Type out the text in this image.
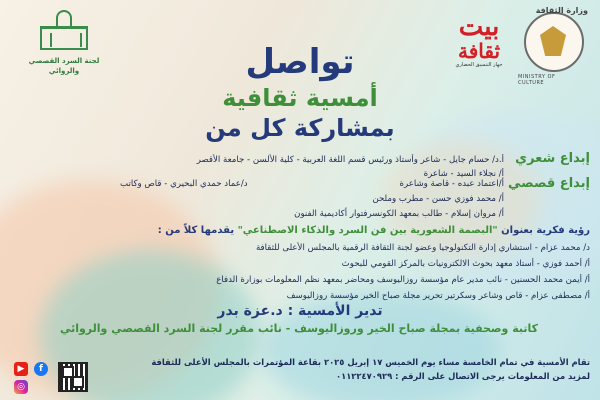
وزارة الثقافة
MINISTRY OF CULTURE
بيت
ثقافة
جهاز التنسيق الحضاري
لجنة السرد القصصي والروائي	تواصل
أمسية ثقافية
بمشاركة كل من
إبداع شعري
أ.د/ حسام جايل - شاعر وأستاذ ورئيس قسم اللغة العربية - كلية الألسن - جامعة الأقصر
أ/ نجلاء السيد - شاعرة
إبداع قصصي
أ/اعتماد عبده - قاصة وشاعرة
د/عماد حمدي البحيري - قاص وكاتب
أ/ محمد فوزي حسن - مطرب وملحن
أ/ مروان إسلام - طالب بمعهد الكونسرفتوار أكاديمية الفنون
رؤية فكرية بعنوان "البصمة الشعورية بين فن السرد والذكاء الاصطناعي" يقدمها كلاً من :
د/ محمد عزام - استشاري إدارة التكنولوجيا وعضو لجنة الثقافة الرقمية بالمجلس الأعلى للثقافة
أ/ أحمد فوزي - أستاذ معهد بحوث الالكترونيات بالمركز القومي للبحوث
أ/ أيمن محمد الحسنين - نائب مدير عام مؤسسة روزاليوسف ومحاضر بمعهد نظم المعلومات بوزارة الدفاع
أ/ مصطفى عزام - قاص وشاعر وسكرتير تحرير مجلة صباح الخير مؤسسة روزاليوسف
تدير الأمسية : د.عزة بدر
كاتبة وصحفية بمجلة صباح الخير وروزاليوسف - نائب مقرر لجنة السرد القصصي والروائي
تقام الأمسية في تمام الخامسة مساء يوم الخميس ١٧ إبريل ٢٠٢٥ بقاعة المؤتمرات بالمجلس الأعلى للثقافة
لمزيد من المعلومات يرجى الاتصال على الرقم : ٠١١٢٢٤٧٠٩٢٩
▶	f
◎
